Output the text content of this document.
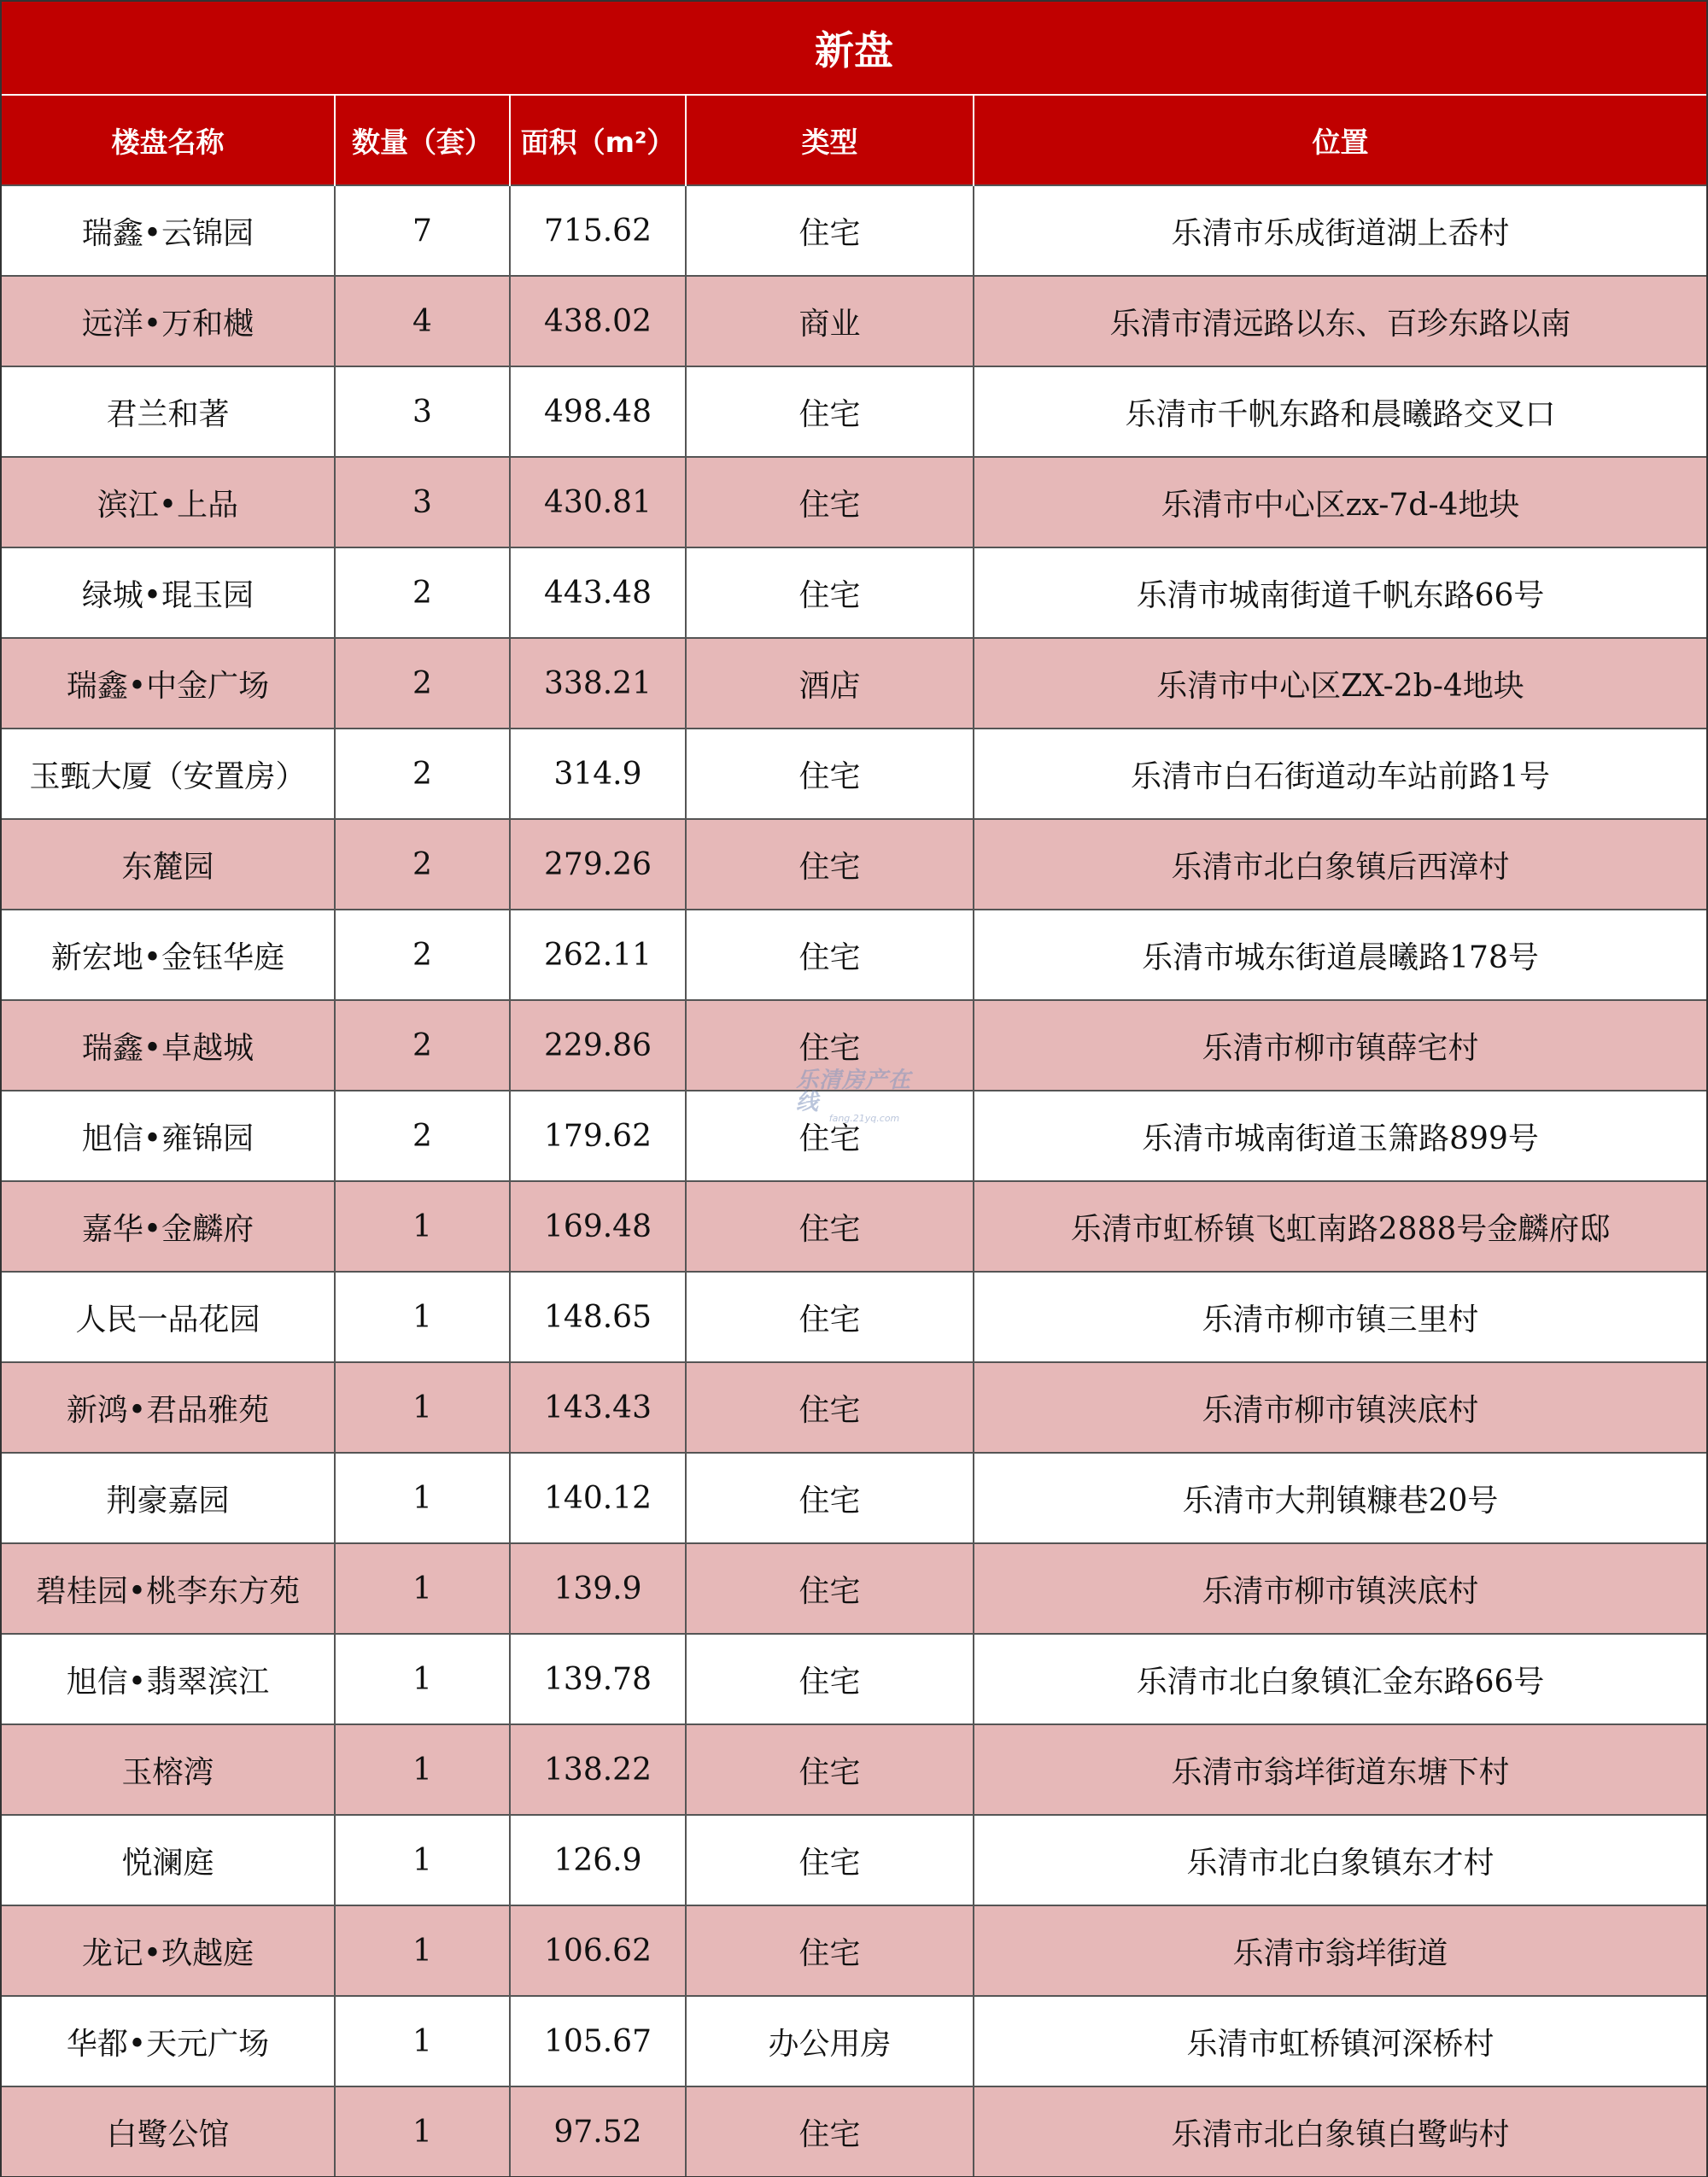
新盘
楼盘名称	数量（套）	面积（m²）	类型	位置
瑞鑫•云锦园	7	715.62	住宅	乐清市乐成街道湖上岙村
远洋•万和樾	4	438.02	商业	乐清市清远路以东、百珍东路以南
君兰和著	3	498.48	住宅	乐清市千帆东路和晨曦路交叉口
滨江•上品	3	430.81	住宅	乐清市中心区zx-7d-4地块
绿城•琨玉园	2	443.48	住宅	乐清市城南街道千帆东路66号
瑞鑫•中金广场	2	338.21	酒店	乐清市中心区ZX-2b-4地块
玉甄大厦（安置房）	2	314.9	住宅	乐清市白石街道动车站前路1号
东麓园	2	279.26	住宅	乐清市北白象镇后西漳村
新宏地•金钰华庭	2	262.11	住宅	乐清市城东街道晨曦路178号
瑞鑫•卓越城	2	229.86	住宅	乐清市柳市镇薛宅村
旭信•雍锦园	2	179.62	住宅	乐清市城南街道玉箫路899号
嘉华•金麟府	1	169.48	住宅	乐清市虹桥镇飞虹南路2888号金麟府邸
人民一品花园	1	148.65	住宅	乐清市柳市镇三里村
新鸿•君品雅苑	1	143.43	住宅	乐清市柳市镇浃底村
荆豪嘉园	1	140.12	住宅	乐清市大荆镇糠巷20号
碧桂园•桃李东方苑	1	139.9	住宅	乐清市柳市镇浃底村
旭信•翡翠滨江	1	139.78	住宅	乐清市北白象镇汇金东路66号
玉榕湾	1	138.22	住宅	乐清市翁垟街道东塘下村
悦澜庭	1	126.9	住宅	乐清市北白象镇东才村
龙记•玖越庭	1	106.62	住宅	乐清市翁垟街道
华都•天元广场	1	105.67	办公用房	乐清市虹桥镇河深桥村
白鹭公馆	1	97.52	住宅	乐清市北白象镇白鹭屿村
乐清房产在线
fang.21yq.com
